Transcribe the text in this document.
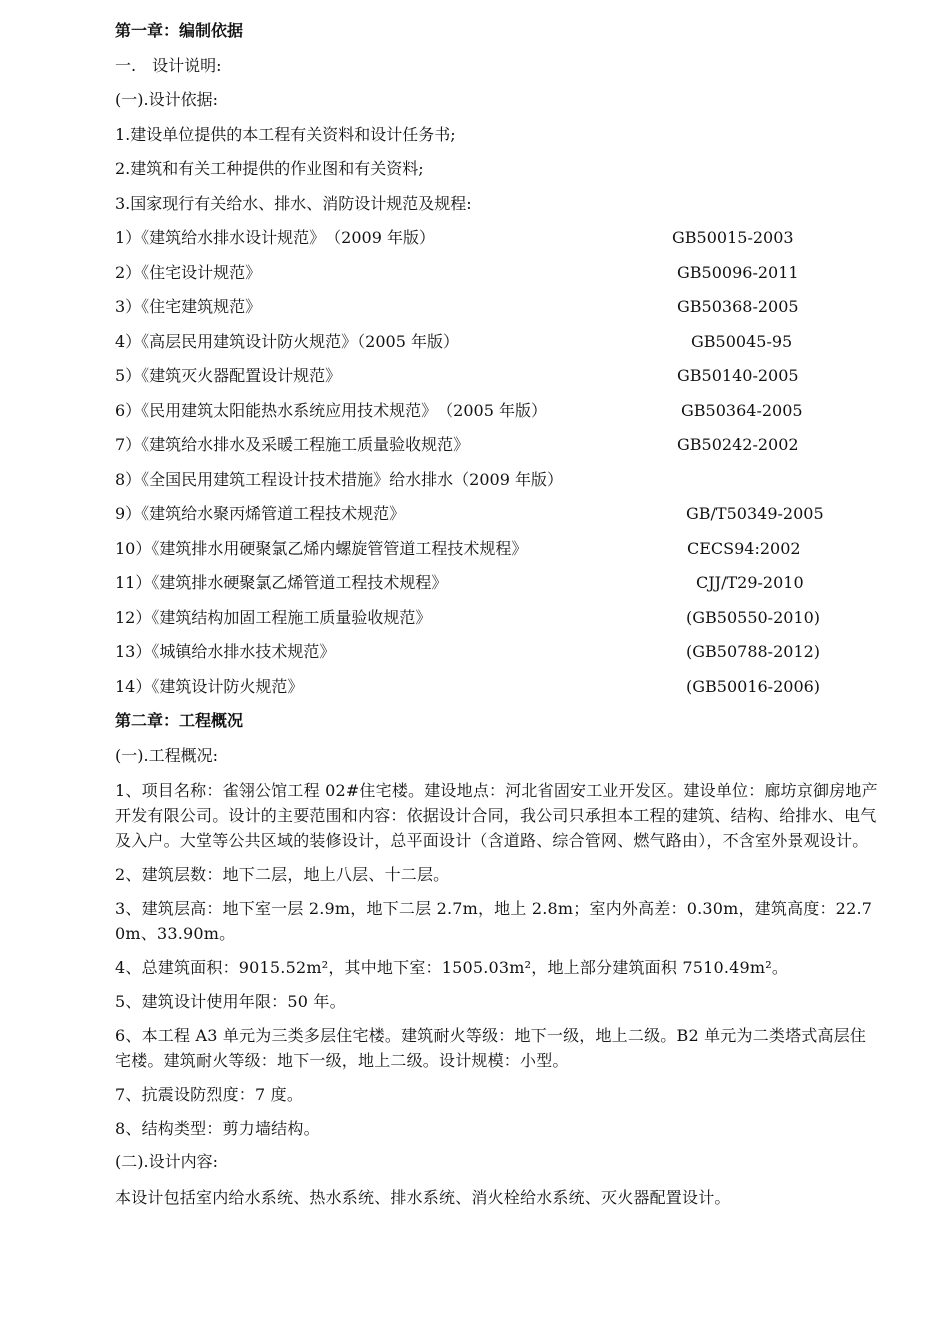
第一章：编制依据
一.　设计说明:
(一).设计依据:
1.建设单位提供的本工程有关资料和设计任务书;
2.建筑和有关工种提供的作业图和有关资料;
3.国家现行有关给水、排水、消防设计规范及规程:
1）《建筑给水排水设计规范》　（2009 年版）	GB50015-2003
2）《住宅设计规范》	GB50096-2011
3）《住宅建筑规范》	GB50368-2005
4）《高层民用建筑设计防火规范》（2005 年版）	GB50045-95
5）《建筑灭火器配置设计规范》	GB50140-2005
6）《民用建筑太阳能热水系统应用技术规范》　（2005 年版）	GB50364-2005
7）《建筑给水排水及采暖工程施工质量验收规范》	GB50242-2002
8）《全国民用建筑工程设计技术措施》给水排水（2009 年版）
9）《建筑给水聚丙烯管道工程技术规范》	GB/T50349-2005
10）《建筑排水用硬聚氯乙烯内螺旋管管道工程技术规程》	CECS94:2002
11）《建筑排水硬聚氯乙烯管道工程技术规程》	CJJ/T29-2010
12）《建筑结构加固工程施工质量验收规范》	(GB50550-2010)
13）《城镇给水排水技术规范》	(GB50788-2012)
14）《建筑设计防火规范》	(GB50016-2006)
第二章：工程概况
(一).工程概况:
1、项目名称：雀翎公馆工程 02#住宅楼。建设地点：河北省固安工业开发区。建设单位：廊坊京御房地产开发有限公司。设计的主要范围和内容：依据设计合同，我公司只承担本工程的建筑、结构、给排水、电气及入户。大堂等公共区域的装修设计，总平面设计（含道路、综合管网、燃气路由），不含室外景观设计。
2、建筑层数：地下二层，地上八层、十二层。
3、建筑层高：地下室一层 2.9m，地下二层 2.7m，地上 2.8m；室内外高差：0.30m，建筑高度：22.70m、33.90m。
4、总建筑面积：9015.52m²，其中地下室：1505.03m²，地上部分建筑面积 7510.49m²。
5、建筑设计使用年限：50 年。
6、本工程 A3 单元为三类多层住宅楼。建筑耐火等级：地下一级，地上二级。B2 单元为二类塔式高层住宅楼。建筑耐火等级：地下一级，地上二级。设计规模：小型。
7、抗震设防烈度：7 度。
8、结构类型：剪力墙结构。
(二).设计内容:
本设计包括室内给水系统、热水系统、排水系统、消火栓给水系统、灭火器配置设计。
